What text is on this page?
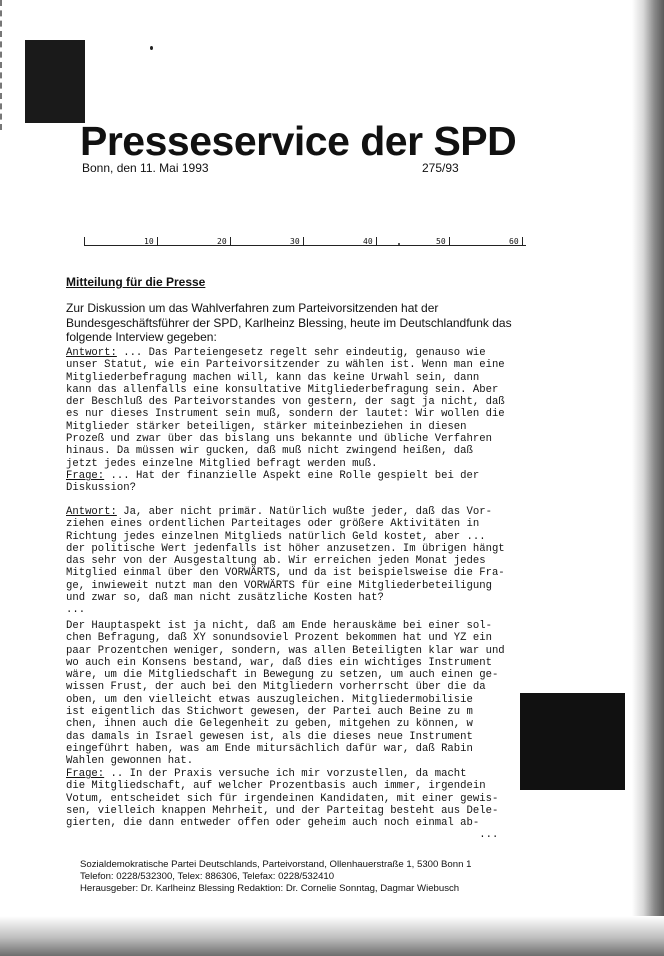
Presseservice der SPD
Bonn, den 11. Mai 1993	275/93
10	20	30	40	50	60
Mitteilung für die Presse
Zur Diskussion um das Wahlverfahren zum Parteivorsitzenden hat der Bundesgeschäftsführer der SPD, Karlheinz Blessing, heute im Deutschlandfunk das folgende Interview gegeben:

Antwort: ... Das Parteiengesetz regelt sehr eindeutig, genauso wie
unser Statut, wie ein Parteivorsitzender zu wählen ist. Wenn man eine
Mitgliederbefragung machen will, kann das keine Urwahl sein, dann
kann das allenfalls eine konsultative Mitgliederbefragung sein. Aber
der Beschluß des Parteivorstandes von gestern, der sagt ja nicht, daß
es nur dieses Instrument sein muß, sondern der lautet: Wir wollen die
Mitglieder stärker beteiligen, stärker miteinbeziehen in diesen
Prozeß und zwar über das bislang uns bekannte und übliche Verfahren
hinaus. Da müssen wir gucken, daß muß nicht zwingend heißen, daß
jetzt jedes einzelne Mitglied befragt werden muß.

Frage: ... Hat der finanzielle Aspekt eine Rolle gespielt bei der
Diskussion?

Antwort: Ja, aber nicht primär. Natürlich wußte jeder, daß das Vor-
ziehen eines ordentlichen Parteitages oder größere Aktivitäten in
Richtung jedes einzelnen Mitglieds natürlich Geld kostet, aber ...
der politische Wert jedenfalls ist höher anzusetzen. Im übrigen hängt
das sehr von der Ausgestaltung ab. Wir erreichen jeden Monat jedes
Mitglied einmal über den VORWÄRTS, und da ist beispielsweise die Fra-
ge, inwieweit nutzt man den VORWÄRTS für eine Mitgliederbeteiligung
und zwar so, daß man nicht zusätzliche Kosten hat?
...

Der Hauptaspekt ist ja nicht, daß am Ende herauskäme bei einer sol-
chen Befragung, daß XY sonundsoviel Prozent bekommen hat und YZ ein
paar Prozentchen weniger, sondern, was allen Beteiligten klar war und
wo auch ein Konsens bestand, war, daß dies ein wichtiges Instrument
wäre, um die Mitgliedschaft in Bewegung zu setzen, um auch einen ge-
wissen Frust, der auch bei den Mitgliedern vorherrscht über die da
oben, um den vielleicht etwas auszugleichen. Mitgliedermobilisie
ist eigentlich das Stichwort gewesen, der Partei auch Beine zu m
chen, ihnen auch die Gelegenheit zu geben, mitgehen zu können, w
das damals in Israel gewesen ist, als die dieses neue Instrument
eingeführt haben, was am Ende mitursächlich dafür war, daß Rabin
Wahlen gewonnen hat.

Frage: .. In der Praxis versuche ich mir vorzustellen, da macht
die Mitgliedschaft, auf welcher Prozentbasis auch immer, irgendein
Votum, entscheidet sich für irgendeinen Kandidaten, mit einer gewis-
sen, vielleich knappen Mehrheit, und der Parteitag besteht aus Dele-
gierten, die dann entweder offen oder geheim auch noch einmal ab-
...

Sozialdemokratische Partei Deutschlands, Parteivorstand, Ollenhauerstraße 1, 5300 Bonn 1
Telefon: 0228/532300, Telex: 886306, Telefax: 0228/532410
Herausgeber: Dr. Karlheinz Blessing Redaktion: Dr. Cornelie Sonntag, Dagmar Wiebusch
